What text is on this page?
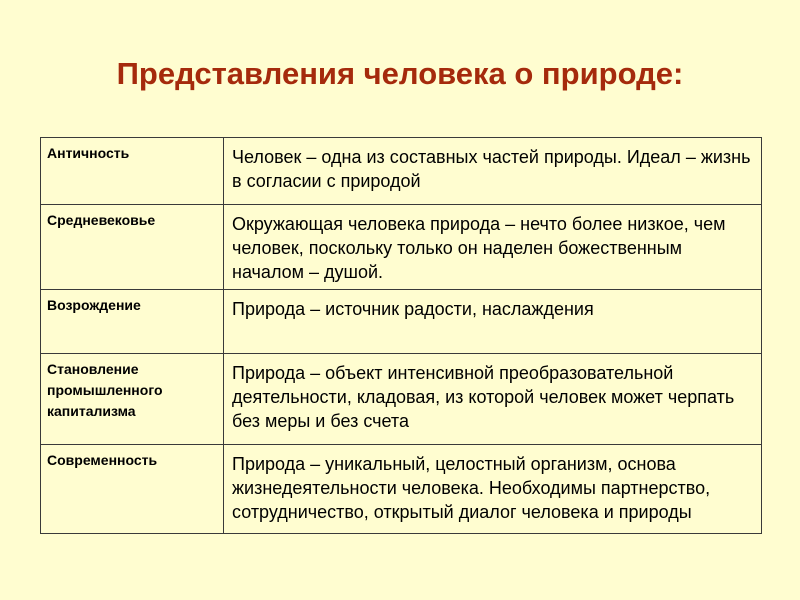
Представления человека о природе:
Античность	Человек – одна из составных частей природы. Идеал – жизнь в согласии с природой
Средневековье	Окружающая человека природа – нечто более низкое, чем человек, поскольку только он наделен божественным началом – душой.
Возрождение	Природа – источник радости, наслаждения
Становление промышленного капитализма	Природа – объект интенсивной преобразовательной деятельности, кладовая, из которой человек может черпать без меры и без счета
Современность	Природа – уникальный, целостный организм, основа жизнедеятельности человека. Необходимы партнерство, сотрудничество, открытый диалог человека и природы
